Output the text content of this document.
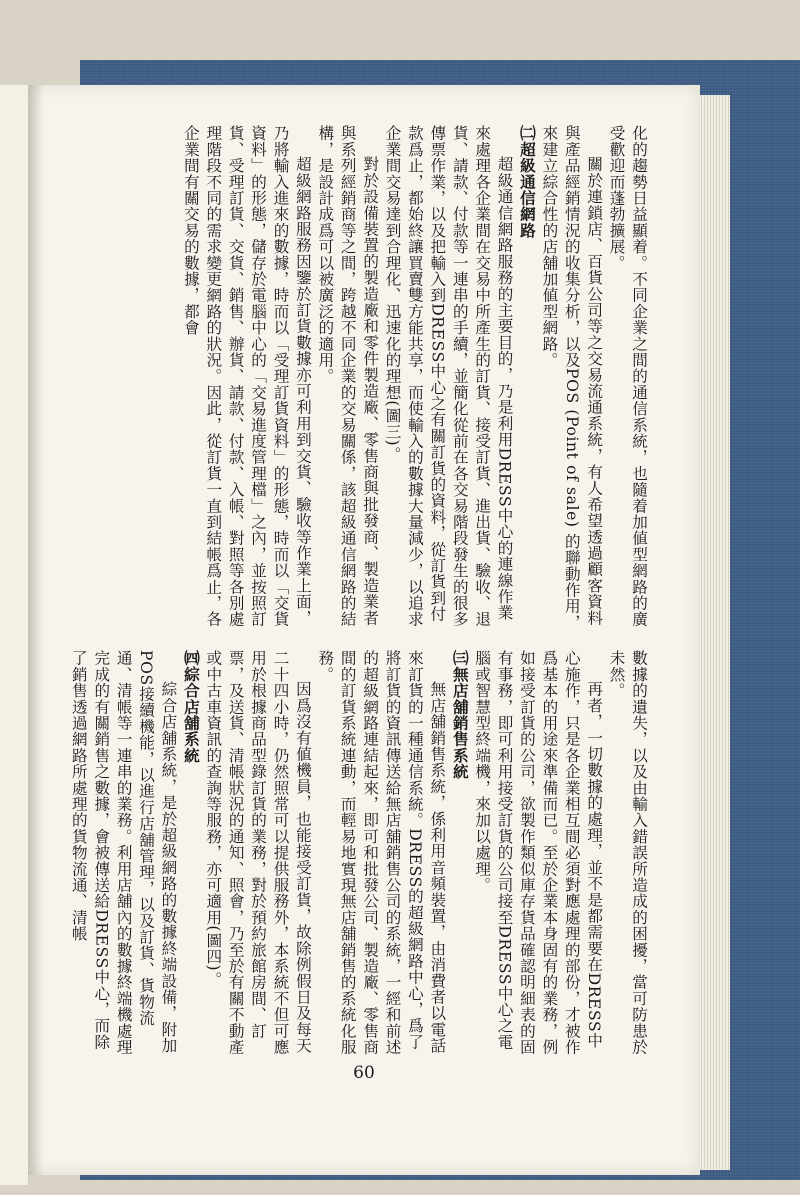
化的趨勢日益顯着。不同企業之間的通信系統，也隨着加値型網路的廣受歡迎而蓬勃擴展。
關於連鎖店、百貨公司等之交易流通系統，有人希望透過顧客資料與產品經銷情況的收集分析，以及POS (Point of sale) 的聯動作用，來建立綜合性的店舖加値型網路。
㈡超級通信網路
超級通信網路服務的主要目的，乃是利用DRESS中心的連線作業來處理各企業間在交易中所產生的訂貨、接受訂貨、進出貨、驗收、退貨、請款、付款等一連串的手續，並簡化從前在各交易階段發生的很多傳票作業，以及把輸入到DRESS中心之有關訂貨的資料，從訂貨到付款爲止，都始終讓買賣雙方能共享，而使輸入的數據大量減少，以追求企業間交易達到合理化、迅速化的理想(圖三)。
對於設備裝置的製造廠和零件製造廠、零售商與批發商、製造業者與系列經銷商等之間，跨越不同企業的交易關係，該超級通信網路的結構，是設計成爲可以被廣泛的適用。
超級網路服務因鑒於訂貨數據亦可利用到交貨、驗收等作業上面，乃將輸入進來的數據，時而以「受理訂貨資料」的形態，時而以「交貨資料」的形態，儲存於電腦中心的「交易進度管理檔」之內，並按照訂貨、受理訂貨、交貨、銷售、辦貨、請款、付款、入帳、對照等各別處理階段不同的需求變更網路的狀況。因此，從訂貨一直到結帳爲止，各企業間有關交易的數據，都會
數據的遺失，以及由輸入錯誤所造成的困擾，當可防患於未然。
再者，一切數據的處理，並不是都需要在DRESS中心施作，只是各企業相互間必須對應處理的部份，才被作爲基本的用途來準備而已。至於企業本身固有的業務，例如接受訂貨的公司，欲製作類似庫存貨品確認明細表的固有事務，即可利用接受訂貨的公司接至DRESS中心之電腦或智慧型終端機，來加以處理。
㈢無店舖銷售系統
無店舖銷售系統，係利用音頻裝置，由消費者以電話來訂貨的一種通信系統。DRESS的超級網路中心，爲了將訂貨的資訊傳送給無店舖銷售公司的系統，一經和前述的超級網路連結起來，即可和批發公司、製造廠、零售商間的訂貨系統連動，而輕易地實現無店舖銷售的系統化服務。
因爲沒有値機員，也能接受訂貨，故除例假日及每天二十四小時，仍然照常可以提供服務外，本系統不但可應用於根據商品型錄訂貨的業務，對於預約旅館房間、訂票，及送貨、清帳狀況的通知、照會，乃至於有關不動產或中古車資訊的查詢等服務，亦可適用(圖四)。
㈣綜合店舖系統
綜合店舖系統，是於超級網路的數據終端設備，附加POS接續機能，以進行店舖管理，以及訂貨、貨物流通、清帳等一連串的業務。利用店舖內的數據終端機處理完成的有關銷售之數據，會被傳送給DRESS中心，而除了銷售透過網路所處理的貨物流通、清帳
60
